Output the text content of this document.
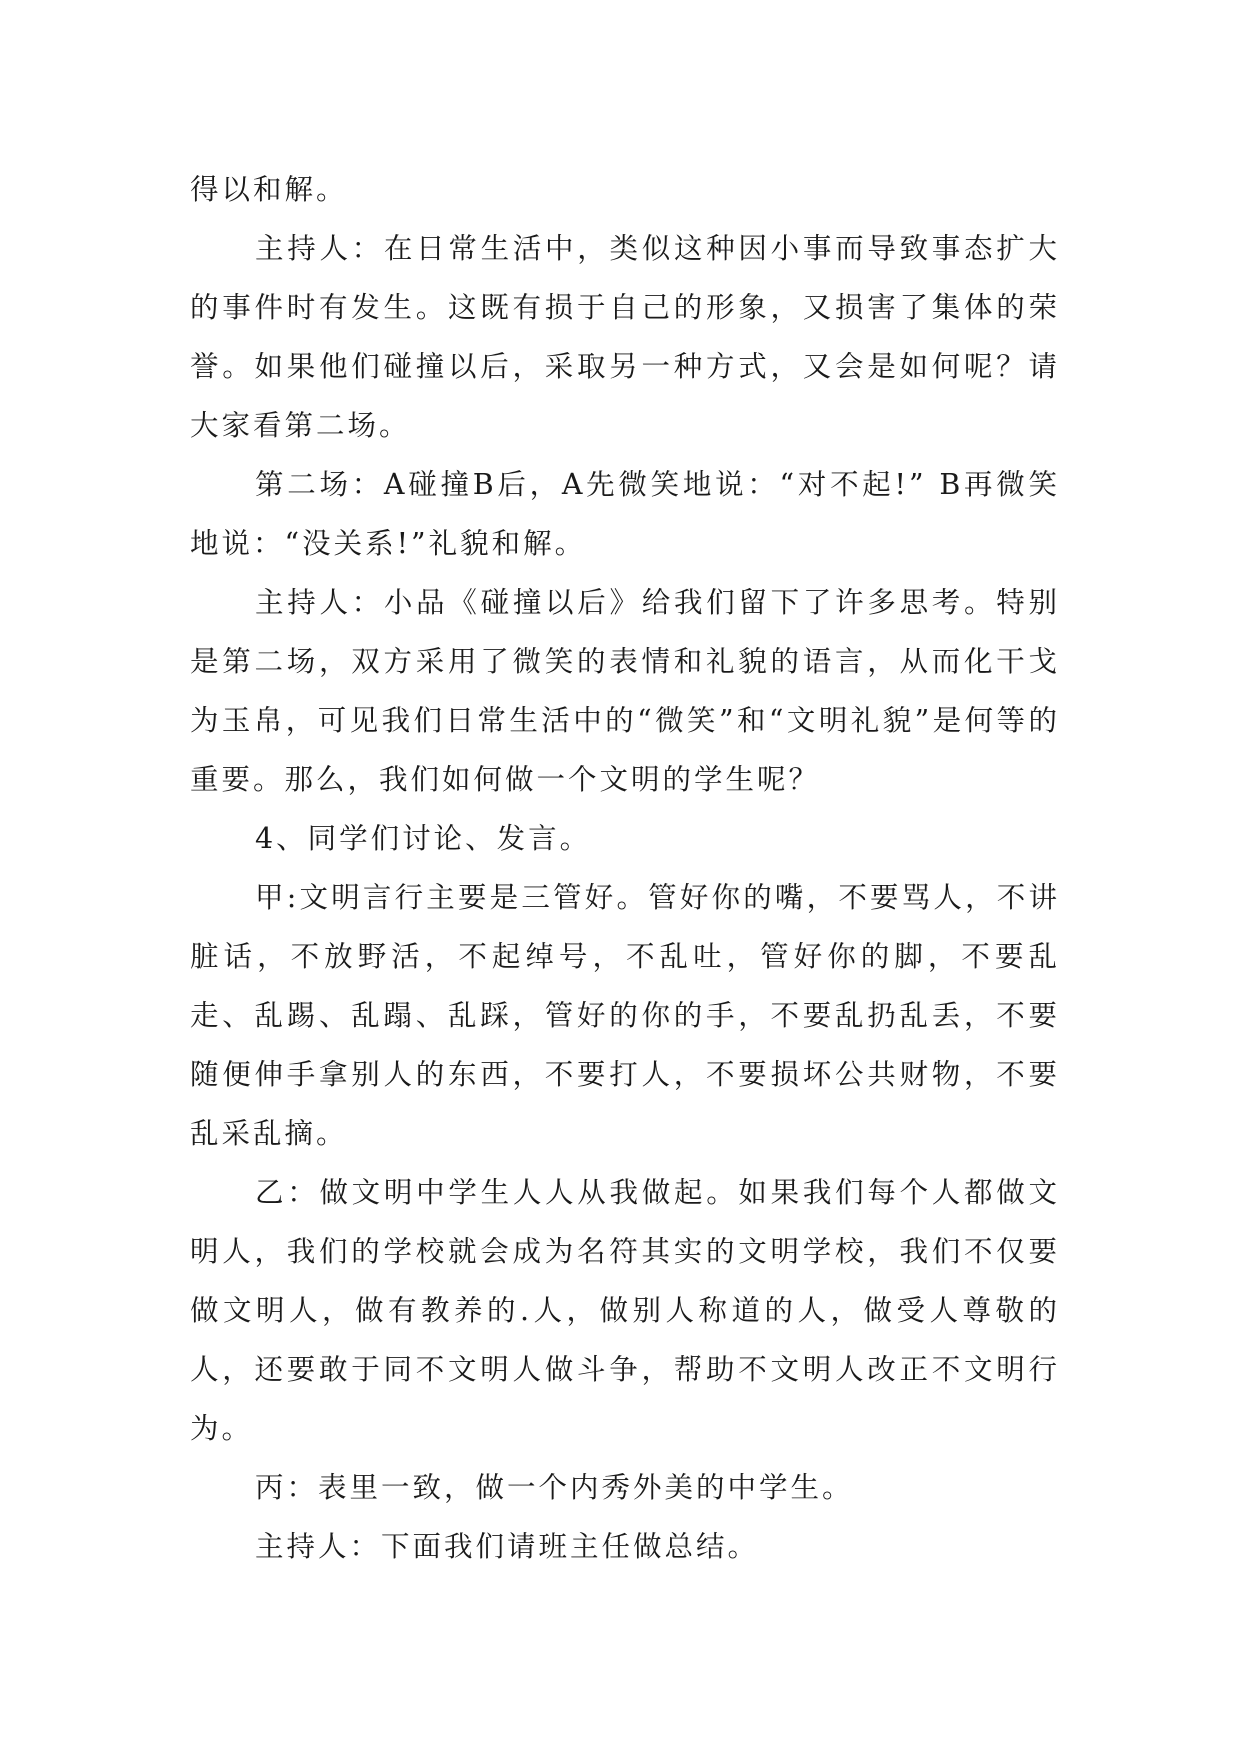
得以和解。

主持人：在日常生活中，类似这种因小事而导致事态扩大的事件时有发生。这既有损于自己的形象，又损害了集体的荣誉。如果他们碰撞以后，采取另一种方式，又会是如何呢？请大家看第二场。

第二场：A碰撞B后，A先微笑地说：“对不起!” B再微笑地说：“没关系!”礼貌和解。

主持人：小品《碰撞以后》给我们留下了许多思考。特别是第二场，双方采用了微笑的表情和礼貌的语言，从而化干戈为玉帛，可见我们日常生活中的“微笑”和“文明礼貌”是何等的重要。那么，我们如何做一个文明的学生呢？

4、同学们讨论、发言。

甲:文明言行主要是三管好。管好你的嘴，不要骂人，不讲脏话，不放野活，不起绰号，不乱吐，管好你的脚，不要乱走、乱踢、乱蹋、乱踩，管好的你的手，不要乱扔乱丢，不要随便伸手拿别人的东西，不要打人，不要损坏公共财物，不要乱采乱摘。

乙：做文明中学生人人从我做起。如果我们每个人都做文明人，我们的学校就会成为名符其实的文明学校，我们不仅要做文明人，做有教养的.人，做别人称道的人，做受人尊敬的人，还要敢于同不文明人做斗争，帮助不文明人改正不文明行为。

丙：表里一致，做一个内秀外美的中学生。

主持人：下面我们请班主任做总结。
